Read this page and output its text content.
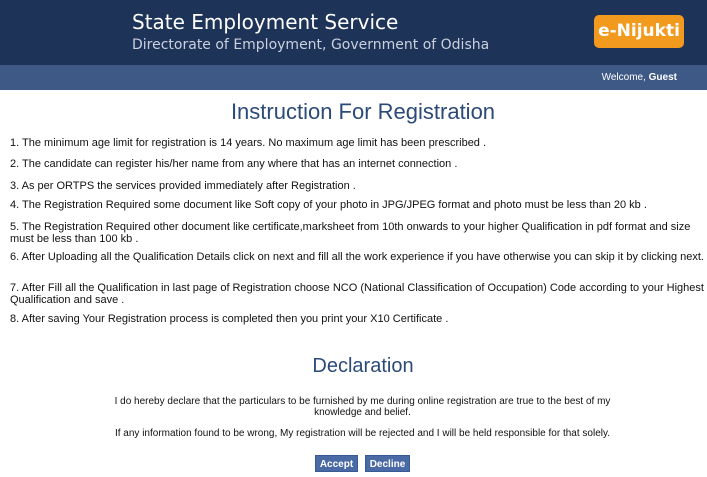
State Employment Service
Directorate of Employment, Government of Odisha
e-Nijukti
Welcome, Guest
Instruction For Registration
1. The minimum age limit for registration is 14 years. No maximum age limit has been prescribed .
2. The candidate can register his/her name from any where that has an internet connection .
3. As per ORTPS the services provided immediately after Registration .
4. The Registration Required some document like Soft copy of your photo in JPG/JPEG format and photo must be less than 20 kb .
5. The Registration Required other document like certificate,marksheet from 10th onwards to your higher Qualification in pdf format and size must be less than 100 kb .
6. After Uploading all the Qualification Details click on next and fill all the work experience if you have otherwise you can skip it by clicking next.
7. After Fill all the Qualification in last page of Registration choose NCO (National Classification of Occupation) Code according to your Highest Qualification and save .
8. After saving Your Registration process is completed then you print your X10 Certificate .
Declaration
I do hereby declare that the particulars to be furnished by me during online registration are true to the best of my knowledge and belief.
If any information found to be wrong, My registration will be rejected and I will be held responsible for that solely.
Accept	Decline
